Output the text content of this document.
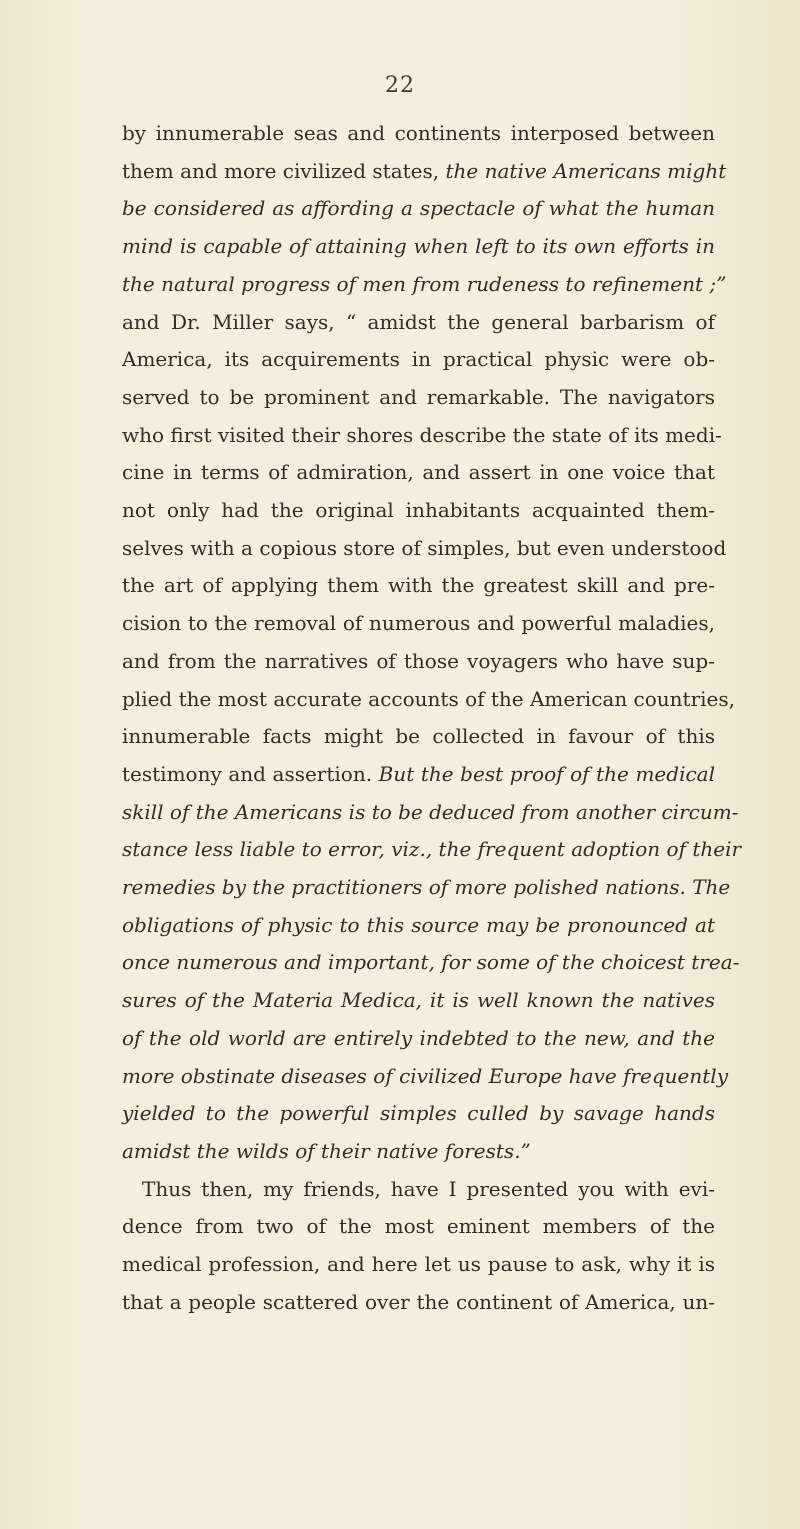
22
by innumerable seas and continents interposed between
them and more civilized states, the native Americans might
be considered as affording a spectacle of what the human
mind is capable of attaining when left to its own efforts in
the natural progress of men from rudeness to refinement ;”
and Dr. Miller says, “ amidst the general barbarism of
America, its acquirements in practical physic were ob-
served to be prominent and remarkable. The navigators
who first visited their shores describe the state of its medi-
cine in terms of admiration, and assert in one voice that
not only had the original inhabitants acquainted them-
selves with a copious store of simples, but even understood
the art of applying them with the greatest skill and pre-
cision to the removal of numerous and powerful maladies,
and from the narratives of those voyagers who have sup-
plied the most accurate accounts of the American countries,
innumerable facts might be collected in favour of this
testimony and assertion. But the best proof of the medical
skill of the Americans is to be deduced from another circum-
stance less liable to error, viz., the frequent adoption of their
remedies by the practitioners of more polished nations. The
obligations of physic to this source may be pronounced at
once numerous and important, for some of the choicest trea-
sures of the Materia Medica, it is well known the natives
of the old world are entirely indebted to the new, and the
more obstinate diseases of civilized Europe have frequently
yielded to the powerful simples culled by savage hands
amidst the wilds of their native forests.”
Thus then, my friends, have I presented you with evi-
dence from two of the most eminent members of the
medical profession, and here let us pause to ask, why it is
that a people scattered over the continent of America, un-
